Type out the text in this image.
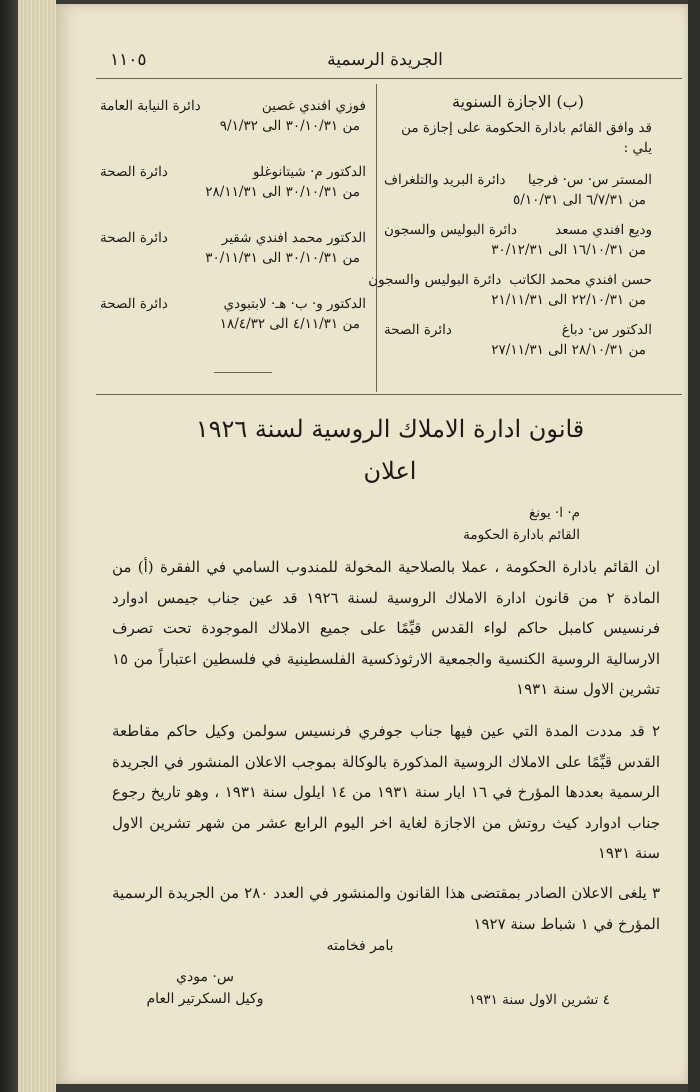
الجريدة الرسمية
١١٠٥
(ب) الاجازة السنوية
قد وافق القائم بادارة الحكومة على إجازة من يلي :
المستر س· س· فرجيا
دائرة البريد والتلغراف
من ٦/٧/٣١ الى ٥/١٠/٣١
وديع افندي مسعد
دائرة البوليس والسجون
من ١٦/١٠/٣١ الى ٣٠/١٢/٣١
حسن افندي محمد الكاتب
دائرة البوليس والسجون
من ٢٢/١٠/٣١ الى ٢١/١١/٣١
الدكتور س· دباغ
دائرة الصحة
من ٢٨/١٠/٣١ الى ٢٧/١١/٣١
فوزي افندي غصين
دائرة النيابة العامة
من ٣٠/١٠/٣١ الى ٩/١/٣٢
الدكتور م· شيتانوغلو
دائرة الصحة
من ٣٠/١٠/٣١ الى ٢٨/١١/٣١
الدكتور محمد افندي شقير
دائرة الصحة
من ٣٠/١٠/٣١ الى ٣٠/١١/٣١
الدكتور و· ب· هـ· لابتبودي
دائرة الصحة
من ٤/١١/٣١ الى ١٨/٤/٣٢
قانون ادارة الاملاك الروسية لسنة ١٩٢٦
اعلان
م· ا· يونغ
القائم بادارة الحكومة
ان القائم بادارة الحكومة ، عملا بالصلاحية المخولة للمندوب السامي في الفقرة (أ) من المادة ٢ من قانون ادارة الاملاك الروسية لسنة ١٩٢٦ قد عين جناب جيمس ادوارد فرنسيس كامبل حاكم لواء القدس قيِّمًا على جميع الاملاك الموجودة تحت تصرف الارسالية الروسية الكنسية والجمعية الارثوذكسية الفلسطينية في فلسطين اعتباراً من ١٥ تشرين الاول سنة ١٩٣١
٢ قد مددت المدة التي عين فيها جناب جوفري فرنسيس سولمن وكيل حاكم مقاطعة القدس قيِّمًا على الاملاك الروسية المذكورة بالوكالة بموجب الاعلان المنشور في الجريدة الرسمية بعددها المؤرخ في ١٦ ايار سنة ١٩٣١ من ١٤ ايلول سنة ١٩٣١ ، وهو تاريخ رجوع جناب ادوارد كيث روتش من الاجازة لغاية اخر اليوم الرابع عشر من شهر تشرين الاول سنة ١٩٣١
٣ يلغى الاعلان الصادر بمقتضى هذا القانون والمنشور في العدد ٢٨٠ من الجريدة الرسمية المؤرخ في ١ شباط سنة ١٩٢٧
بامر فخامته
س· مودي
وكيل السكرتير العام	٤ تشرين الاول سنة ١٩٣١
